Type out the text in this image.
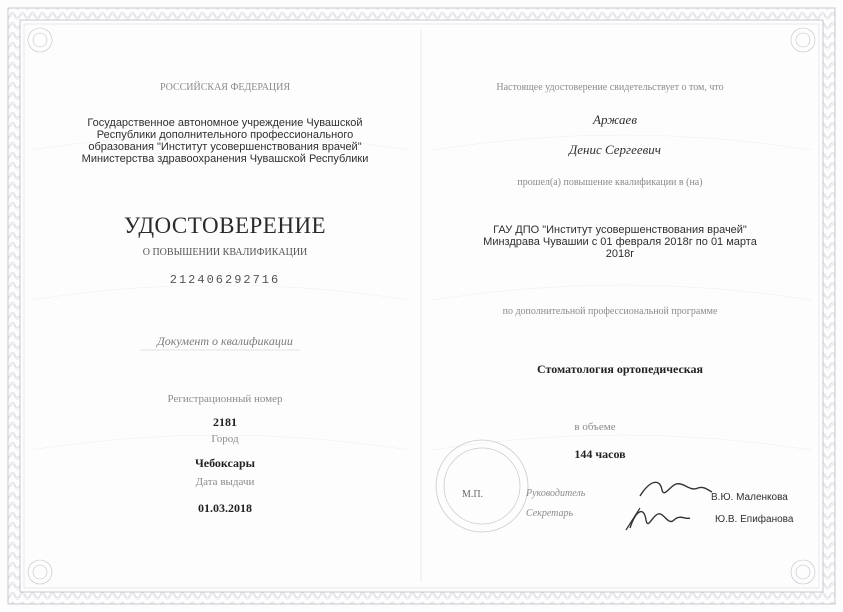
РОССИЙСКАЯ ФЕДЕРАЦИЯ
Государственное автономное учреждение Чувашской
Республики дополнительного профессионального
образования "Институт усовершенствования врачей"
Министерства здравоохранения Чувашской Республики
УДОСТОВЕРЕНИЕ
О ПОВЫШЕНИИ КВАЛИФИКАЦИИ
212406292716
Документ о квалификации
Регистрационный номер
2181
Город
Чебоксары
Дата выдачи
01.03.2018
Настоящее удостоверение свидетельствует о том, что
Аржаев
Денис Сергеевич
прошел(а) повышение квалификации в (на)
ГАУ ДПО "Институт усовершенствования врачей"
Минздрава Чувашии с 01 февраля 2018г по 01 марта
2018г
по дополнительной профессиональной программе
Стоматология ортопедическая
в объеме
144 часов
М.П.	Руководитель
Секретарь
В.Ю. Маленкова
Ю.В. Епифанова
